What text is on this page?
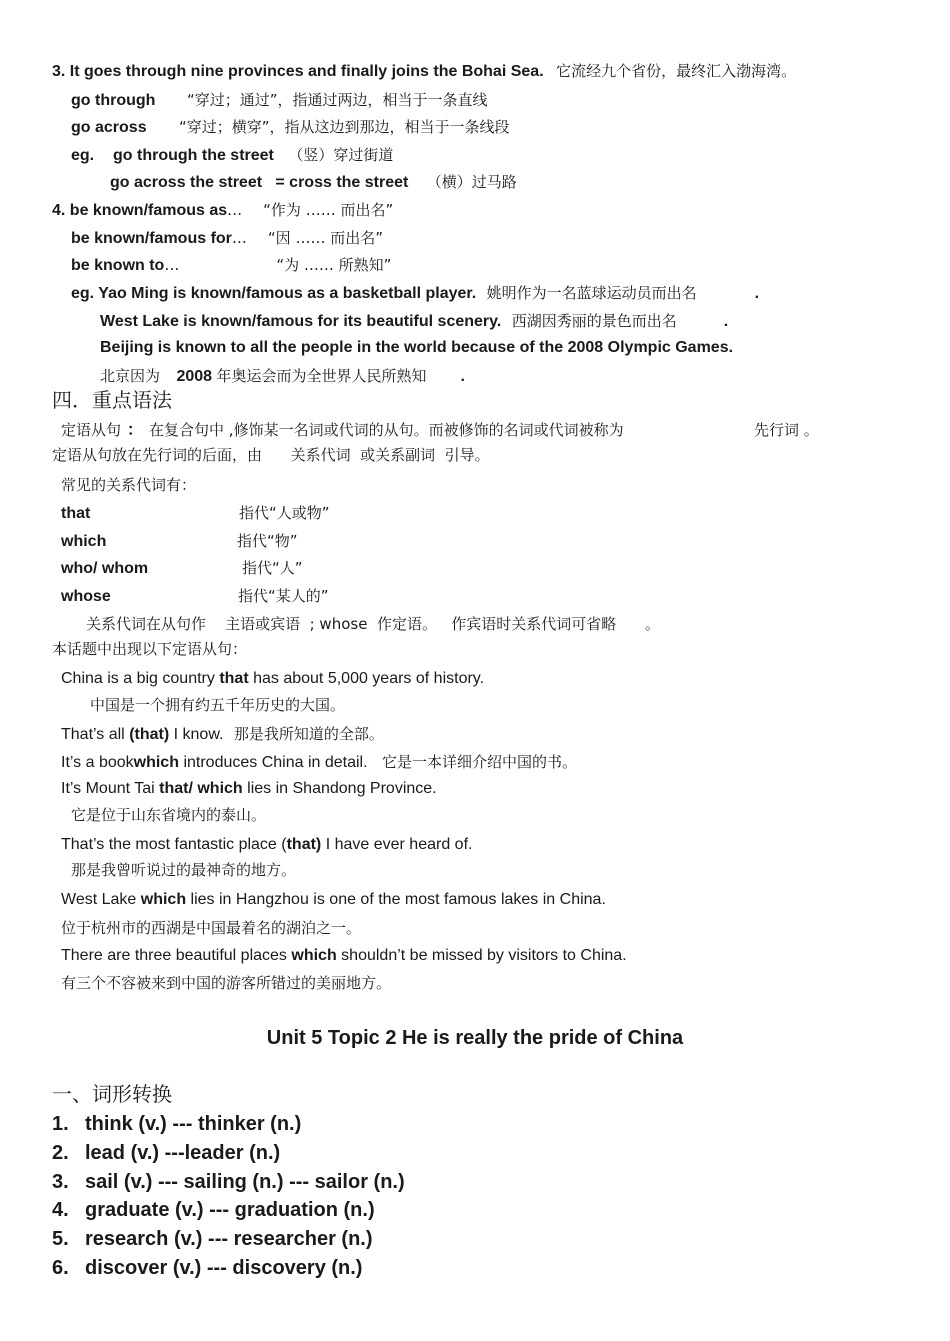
3. It goes through nine provinces and finally joins the Bohai Sea. 它流经九个省份，最终汇入渤海湾。
go through “穿过；通过”，指通过两边，相当于一条直线
go across “穿过；横穿”，指从这边到那边，相当于一条线段
eg. go through the street （竖）穿过街道
go across the street   = cross the street （横）过马路
4. be known/famous as… “作为 …… 而出名”
be known/famous for… “因 …… 而出名”
be known to…	“为 …… 所熟知”
eg. Yao Ming is known/famous as a basketball player. 姚明作为一名蓝球运动员而出名	.
West Lake is known/famous for its beautiful scenery. 西湖因秀丽的景色而出名	.
Beijing is known to all the people in the world because of the 2008 Olympic Games.
北京因为 2008 年奥运会而为全世界人民所熟知 .
四．重点语法
定语从句 ： 在复合句中 ,修饰某一名词或代词的从句。而被修饰的名词或代词被称为	先行词 。
定语从句放在先行词的后面，由      关系代词  或关系副词  引导。
常见的关系代词有：
that	指代“人或物”
which	指代“物”
who/ whom	指代“人”
whose	指代“某人的”
关系代词在从句作    主语或宾语  ; whose  作定语。   作宾语时关系代词可省略      。
本话题中出现以下定语从句：
China is a big country that has about 5,000 years of history.
中国是一个拥有约五千年历史的大国。
That’s all (that) I know. 那是我所知道的全部。
It’s a bookwhich introduces China in detail. 它是一本详细介绍中国的书。
It’s Mount Tai that/ which lies in Shandong Province.
它是位于山东省境内的泰山。
That’s the most fantastic place (that) I have ever heard of.
那是我曾听说过的最神奇的地方。
West Lake which lies in Hangzhou is one of the most famous lakes in China.
位于杭州市的西湖是中国最着名的湖泊之一。
There are three beautiful places which shouldn’t be missed by visitors to China.
有三个不容被来到中国的游客所错过的美丽地方。
Unit 5 Topic 2 He is really the pride of China
一、词形转换
1. think (v.) --- thinker (n.)
2. lead (v.) ---leader (n.)
3. sail (v.) --- sailing (n.) --- sailor (n.)
4. graduate (v.) --- graduation (n.)
5. research (v.) --- researcher (n.)
6. discover (v.) --- discovery (n.)
